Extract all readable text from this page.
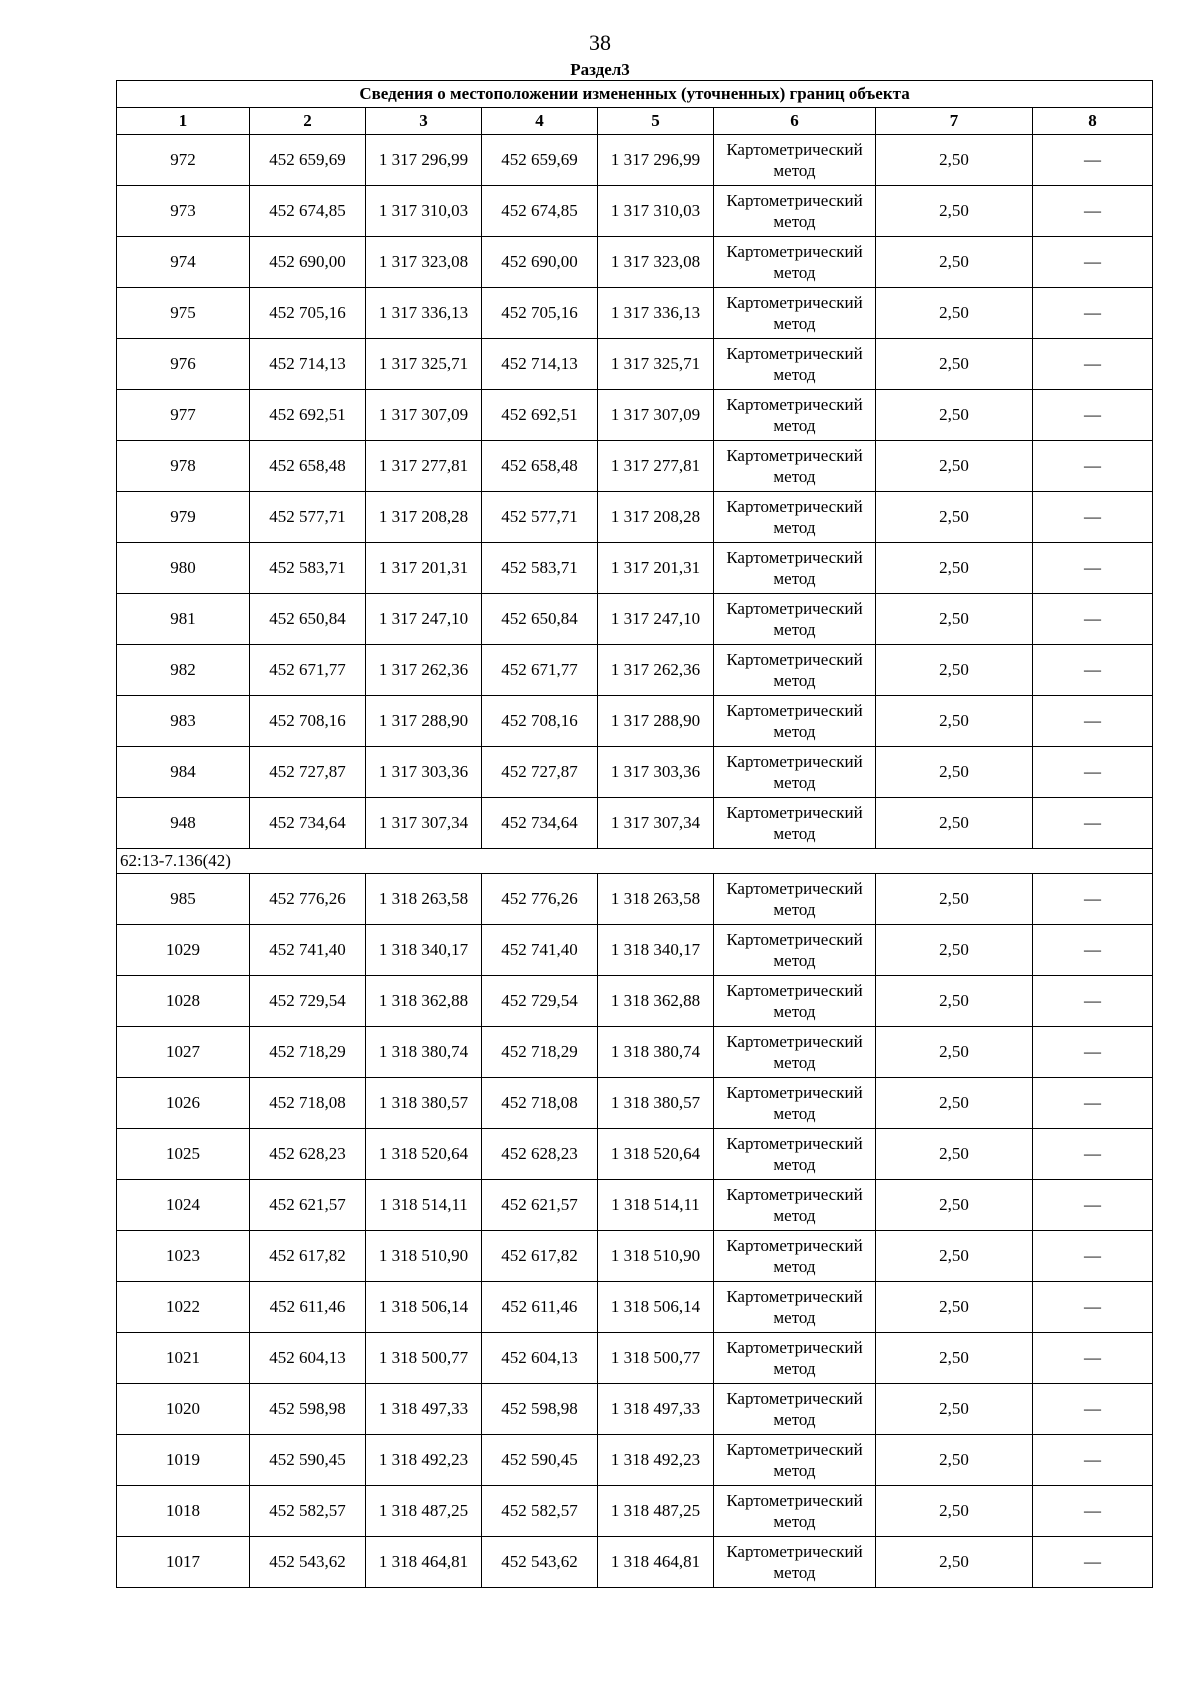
38
Раздел3
Сведения о местоположении измененных (уточненных) границ объекта							
1	2	3	4	5	6	7	8
972	452 659,69	1 317 296,99	452 659,69	1 317 296,99	Картометрический метод	2,50	—
973	452 674,85	1 317 310,03	452 674,85	1 317 310,03	Картометрический метод	2,50	—
974	452 690,00	1 317 323,08	452 690,00	1 317 323,08	Картометрический метод	2,50	—
975	452 705,16	1 317 336,13	452 705,16	1 317 336,13	Картометрический метод	2,50	—
976	452 714,13	1 317 325,71	452 714,13	1 317 325,71	Картометрический метод	2,50	—
977	452 692,51	1 317 307,09	452 692,51	1 317 307,09	Картометрический метод	2,50	—
978	452 658,48	1 317 277,81	452 658,48	1 317 277,81	Картометрический метод	2,50	—
979	452 577,71	1 317 208,28	452 577,71	1 317 208,28	Картометрический метод	2,50	—
980	452 583,71	1 317 201,31	452 583,71	1 317 201,31	Картометрический метод	2,50	—
981	452 650,84	1 317 247,10	452 650,84	1 317 247,10	Картометрический метод	2,50	—
982	452 671,77	1 317 262,36	452 671,77	1 317 262,36	Картометрический метод	2,50	—
983	452 708,16	1 317 288,90	452 708,16	1 317 288,90	Картометрический метод	2,50	—
984	452 727,87	1 317 303,36	452 727,87	1 317 303,36	Картометрический метод	2,50	—
948	452 734,64	1 317 307,34	452 734,64	1 317 307,34	Картометрический метод	2,50	—
62:13-7.136(42)							
985	452 776,26	1 318 263,58	452 776,26	1 318 263,58	Картометрический метод	2,50	—
1029	452 741,40	1 318 340,17	452 741,40	1 318 340,17	Картометрический метод	2,50	—
1028	452 729,54	1 318 362,88	452 729,54	1 318 362,88	Картометрический метод	2,50	—
1027	452 718,29	1 318 380,74	452 718,29	1 318 380,74	Картометрический метод	2,50	—
1026	452 718,08	1 318 380,57	452 718,08	1 318 380,57	Картометрический метод	2,50	—
1025	452 628,23	1 318 520,64	452 628,23	1 318 520,64	Картометрический метод	2,50	—
1024	452 621,57	1 318 514,11	452 621,57	1 318 514,11	Картометрический метод	2,50	—
1023	452 617,82	1 318 510,90	452 617,82	1 318 510,90	Картометрический метод	2,50	—
1022	452 611,46	1 318 506,14	452 611,46	1 318 506,14	Картометрический метод	2,50	—
1021	452 604,13	1 318 500,77	452 604,13	1 318 500,77	Картометрический метод	2,50	—
1020	452 598,98	1 318 497,33	452 598,98	1 318 497,33	Картометрический метод	2,50	—
1019	452 590,45	1 318 492,23	452 590,45	1 318 492,23	Картометрический метод	2,50	—
1018	452 582,57	1 318 487,25	452 582,57	1 318 487,25	Картометрический метод	2,50	—
1017	452 543,62	1 318 464,81	452 543,62	1 318 464,81	Картометрический метод	2,50	—
